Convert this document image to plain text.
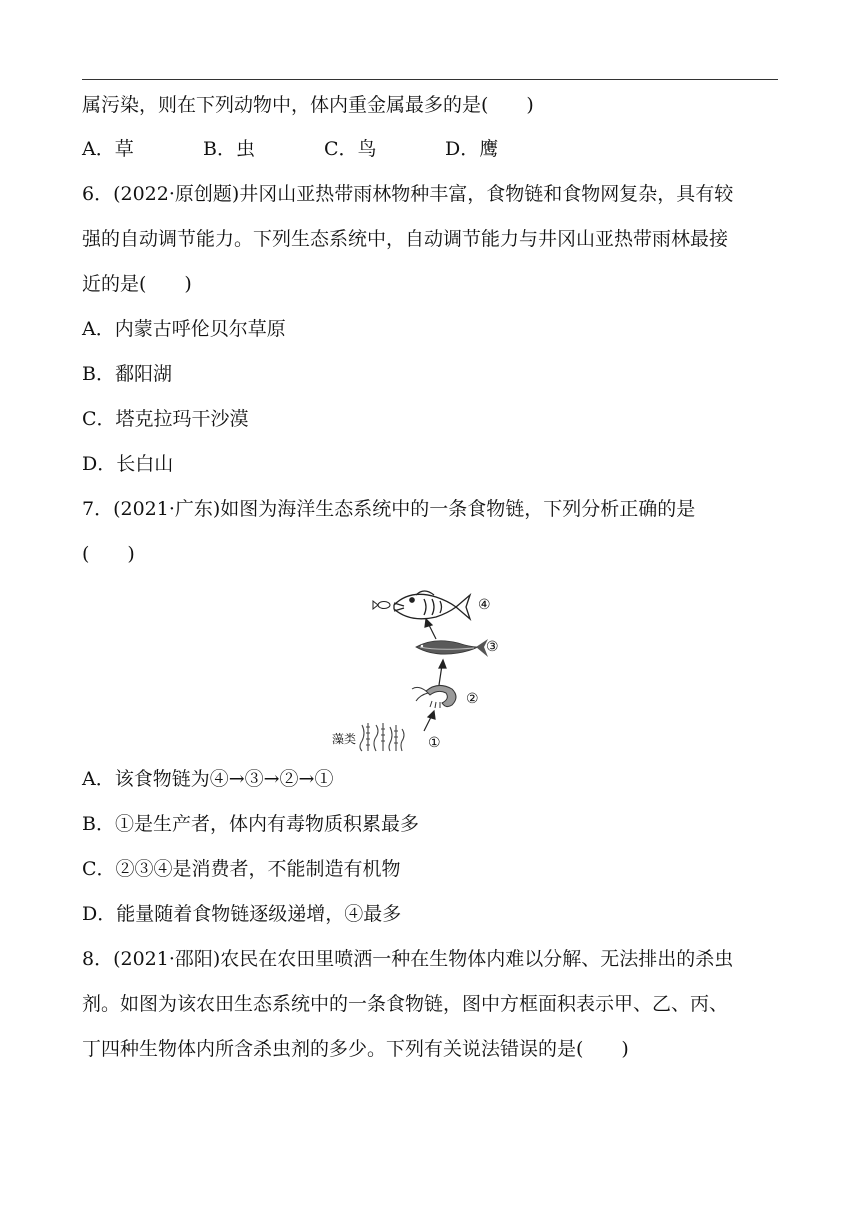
属污染，则在下列动物中，体内重金属最多的是(　　)
A．草	B．虫	C．鸟	D．鹰
6．(2022·原创题)井冈山亚热带雨林物种丰富，食物链和食物网复杂，具有较
强的自动调节能力。下列生态系统中，自动调节能力与井冈山亚热带雨林最接
近的是(　　)
A．内蒙古呼伦贝尔草原
B．鄱阳湖
C．塔克拉玛干沙漠
D．长白山
7．(2021·广东)如图为海洋生态系统中的一条食物链，下列分析正确的是
(　　)
④
③
②
藻类	①
A．该食物链为④→③→②→①
B．①是生产者，体内有毒物质积累最多
C．②③④是消费者，不能制造有机物
D．能量随着食物链逐级递增，④最多
8．(2021·邵阳)农民在农田里喷洒一种在生物体内难以分解、无法排出的杀虫
剂。如图为该农田生态系统中的一条食物链，图中方框面积表示甲、乙、丙、
丁四种生物体内所含杀虫剂的多少。下列有关说法错误的是(　　)
